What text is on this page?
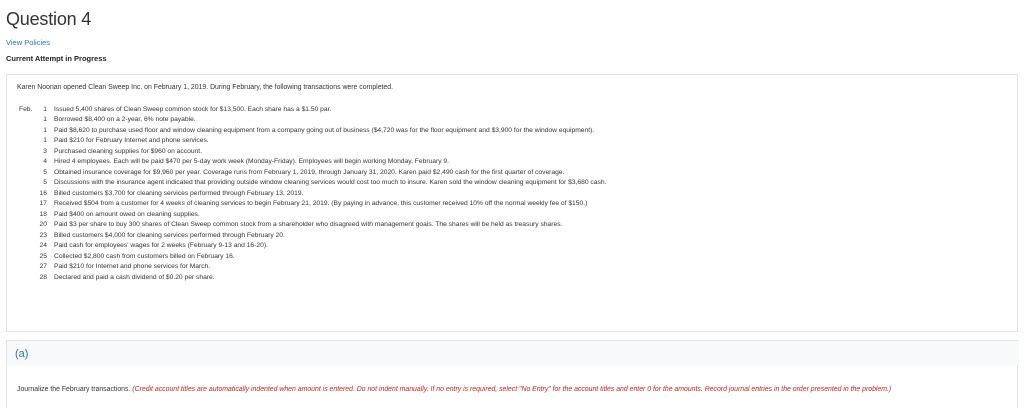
Question 4
View Policies
Current Attempt in Progress
Karen Noonan opened Clean Sweep Inc. on February 1, 2019. During February, the following transactions were completed.
Feb. 1 Issued 5,400 shares of Clean Sweep common stock for $13,500. Each share has a $1.50 par.
1 Borrowed $8,400 on a 2-year, 6% note payable.
1 Paid $8,620 to purchase used floor and window cleaning equipment from a company going out of business ($4,720 was for the floor equipment and $3,900 for the window equipment).
1 Paid $210 for February Internet and phone services.
3 Purchased cleaning supplies for $960 on account.
4 Hired 4 employees. Each will be paid $470 per 5-day work week (Monday-Friday). Employees will begin working Monday, February 9.
5 Obtained insurance coverage for $9,960 per year. Coverage runs from February 1, 2019, through January 31, 2020. Karen paid $2,490 cash for the first quarter of coverage.
5 Discussions with the insurance agent indicated that providing outside window cleaning services would cost too much to insure. Karen sold the window cleaning equipment for $3,680 cash.
16 Billed customers $3,700 for cleaning services performed through February 13, 2019.
17 Received $504 from a customer for 4 weeks of cleaning services to begin February 21, 2019. (By paying in advance, this customer received 10% off the normal weekly fee of $150.)
18 Paid $400 on amount owed on cleaning supplies.
20 Paid $3 per share to buy 300 shares of Clean Sweep common stock from a shareholder who disagreed with management goals. The shares will be held as treasury shares.
23 Billed customers $4,000 for cleaning services performed through February 20.
24 Paid cash for employees' wages for 2 weeks (February 9-13 and 16-20).
25 Collected $2,800 cash from customers billed on February 16.
27 Paid $210 for Internet and phone services for March.
28 Declared and paid a cash dividend of $0.20 per share.
(a)
Journalize the February transactions. (Credit account titles are automatically indented when amount is entered. Do not indent manually. If no entry is required, select "No Entry" for the account titles and enter 0 for the amounts. Record journal entries in the order presented in the problem.)
